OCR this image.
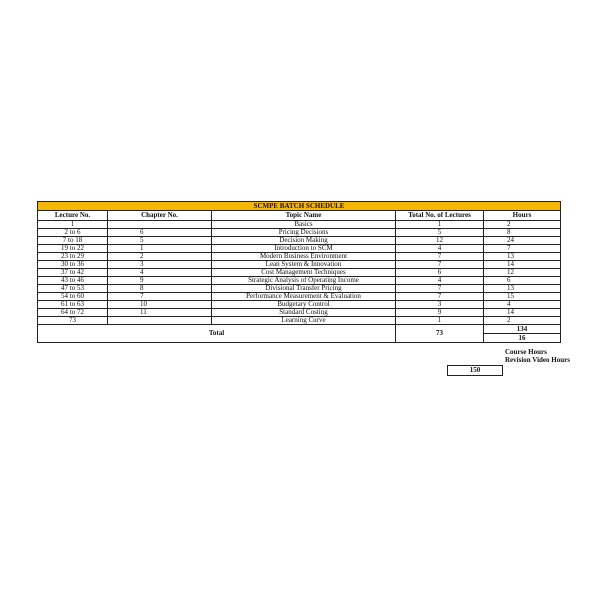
SCMPE BATCH SCHEDULE				
Lecture No.	Chapter No.	Topic Name	Total No. of Lectures	Hours
1		Basics	1	2
2 to 6	6	Pricing Decisions	5	8
7 to 18	5	Decision Making	12	24
19 to 22	1	Introduction to SCM	4	7
23 to 29	2	Modern Business Environment	7	13
30 to 36	3	Lean System & Innovation	7	14
37 to 42	4	Cost Management Techniques	6	12
43 to 46	9	Strategic Analysis of Operating Income	4	6
47 to 53	8	Divisional Transfer Pricing	7	13
54 to 60	7	Performance Measurement & Evaluation	7	15
61 to 63	10	Budgetary Control	3	4
64 to 72	11	Standard Costing	9	14
73		Learning Curve	1	2
Total			73	134
16
150
Course Hours
Revision Video Hours
